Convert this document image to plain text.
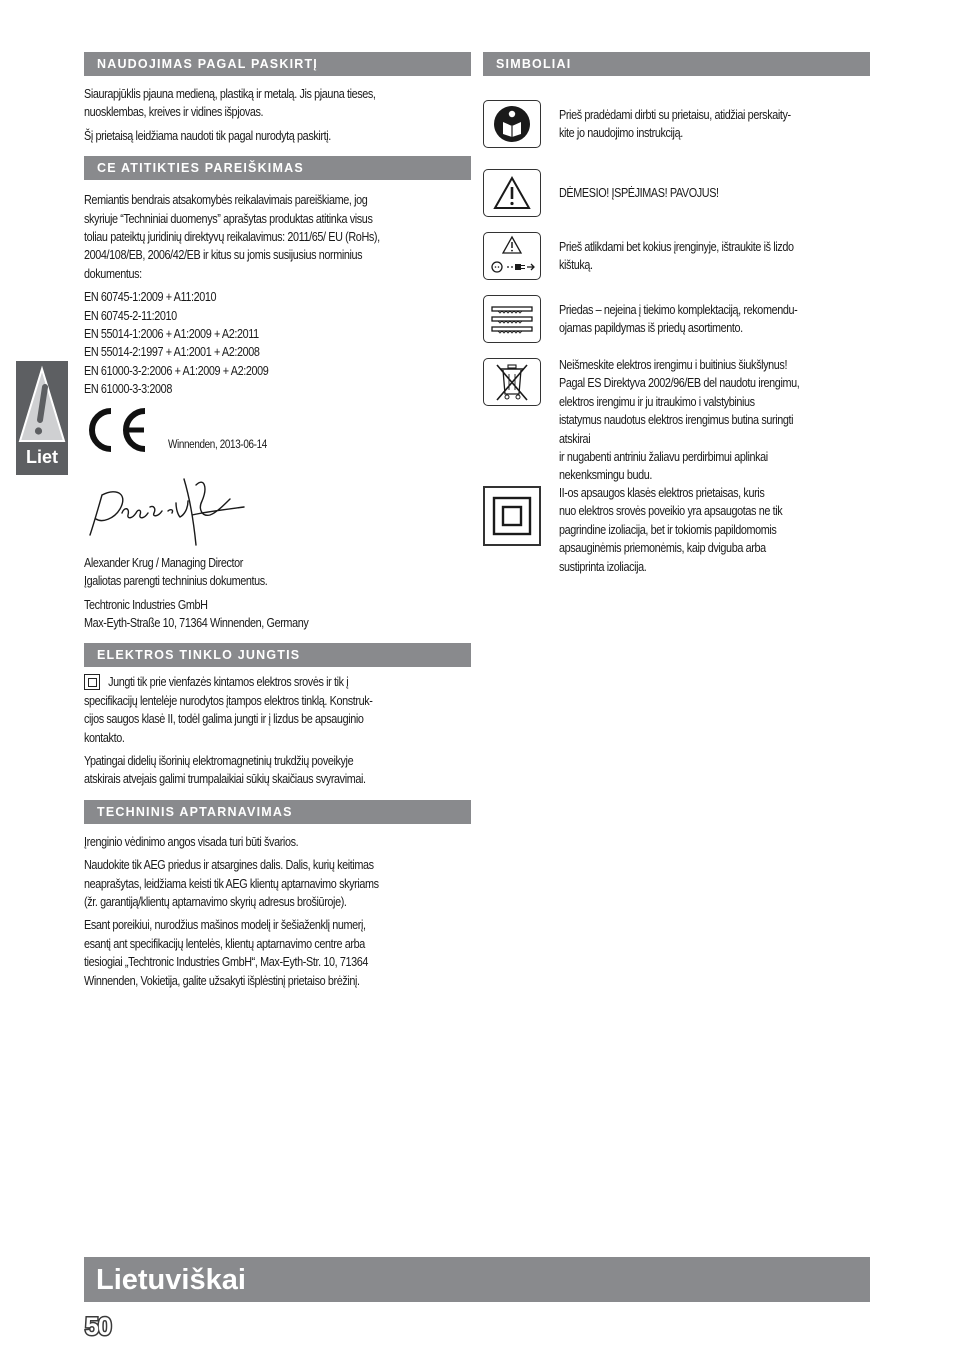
Liet
NAUDOJIMAS PAGAL PASKIRTĮ

Siaurapjūklis pjauna medieną, plastiką ir metalą. Jis pjauna tieses,
nuosklembas, kreives ir vidines išpjovas.

Šį prietaisą leidžiama naudoti tik pagal nurodytą paskirtį.

CE ATITIKTIES PAREIŠKIMAS

Remiantis bendrais atsakomybės reikalavimais pareiškiame, jog
skyriuje “Techniniai duomenys” aprašytas produktas atitinka visus
toliau pateiktų juridinių direktyvų reikalavimus: 2011/65/ EU (RoHs),
2004/108/EB, 2006/42/EB ir kitus su jomis susijusius norminius
dokumentus:

EN 60745-1:2009 + A11:2010
EN 60745-2-11:2010
EN 55014-1:2006 + A1:2009 + A2:2011
EN 55014-2:1997 + A1:2001 + A2:2008
EN 61000-3-2:2006 + A1:2009 + A2:2009
EN 61000-3-3:2008

Winnenden, 2013-06-14

Alexander Krug / Managing Director
Įgaliotas parengti techninius dokumentus.

Techtronic Industries GmbH
Max-Eyth-Straße 10, 71364 Winnenden, Germany

ELEKTROS TINKLO JUNGTIS

Jungti tik prie vienfazės kintamos elektros srovės ir tik į
specifikacijų lentelėje nurodytos įtampos elektros tinklą. Konstruk-
cijos saugos klasė II, todėl galima jungti ir į lizdus be apsauginio
kontakto.

Ypatingai didelių išorinių elektromagnetinių trukdžių poveikyje
atskirais atvejais galimi trumpalaikiai sūkių skaičiaus svyravimai.

TECHNINIS APTARNAVIMAS

Įrenginio vėdinimo angos visada turi būti švarios.

Naudokite tik AEG priedus ir atsargines dalis. Dalis, kurių keitimas
neaprašytas, leidžiama keisti tik AEG klientų aptarnavimo skyriams
(žr. garantiją/klientų aptarnavimo skyrių adresus brošiūroje).

Esant poreikiui, nurodžius mašinos modelį ir šešiaženklį numerį,
esantį ant specifikacijų lentelės, klientų aptarnavimo centre arba
tiesiogiai „Techtronic Industries GmbH“, Max-Eyth-Str. 10, 71364
Winnenden, Vokietija, galite užsakyti išplėstinį prietaiso brėžinį.

SIMBOLIAI

Prieš pradėdami dirbti su prietaisu, atidžiai perskaity-
kite jo naudojimo instrukciją.

DĖMESIO! ĮSPĖJIMAS! PAVOJUS!

Prieš atlikdami bet kokius įrenginyje, ištraukite iš lizdo
kištuką.

Priedas – nejeina į tiekimo komplektaciją, rekomendu-
ojamas papildymas iš priedų asortimento.

Neišmeskite elektros irengimu i buitinius šiukšlynus!
Pagal ES Direktyva 2002/96/EB del naudotu irengimu,
elektros irengimu ir ju itraukimo i valstybinius
istatymus naudotus elektros irengimus butina suringti atskirai
ir nugabenti antriniu žaliavu perdirbimui aplinkai
nekenksmingu budu.

II-os apsaugos klasės elektros prietaisas, kuris
nuo elektros srovės poveikio yra apsaugotas ne tik
pagrindine izoliacija, bet ir tokiomis papildomomis
apsauginėmis priemonėmis, kaip dviguba arba
sustiprinta izoliacija.

Lietuviškai
50
